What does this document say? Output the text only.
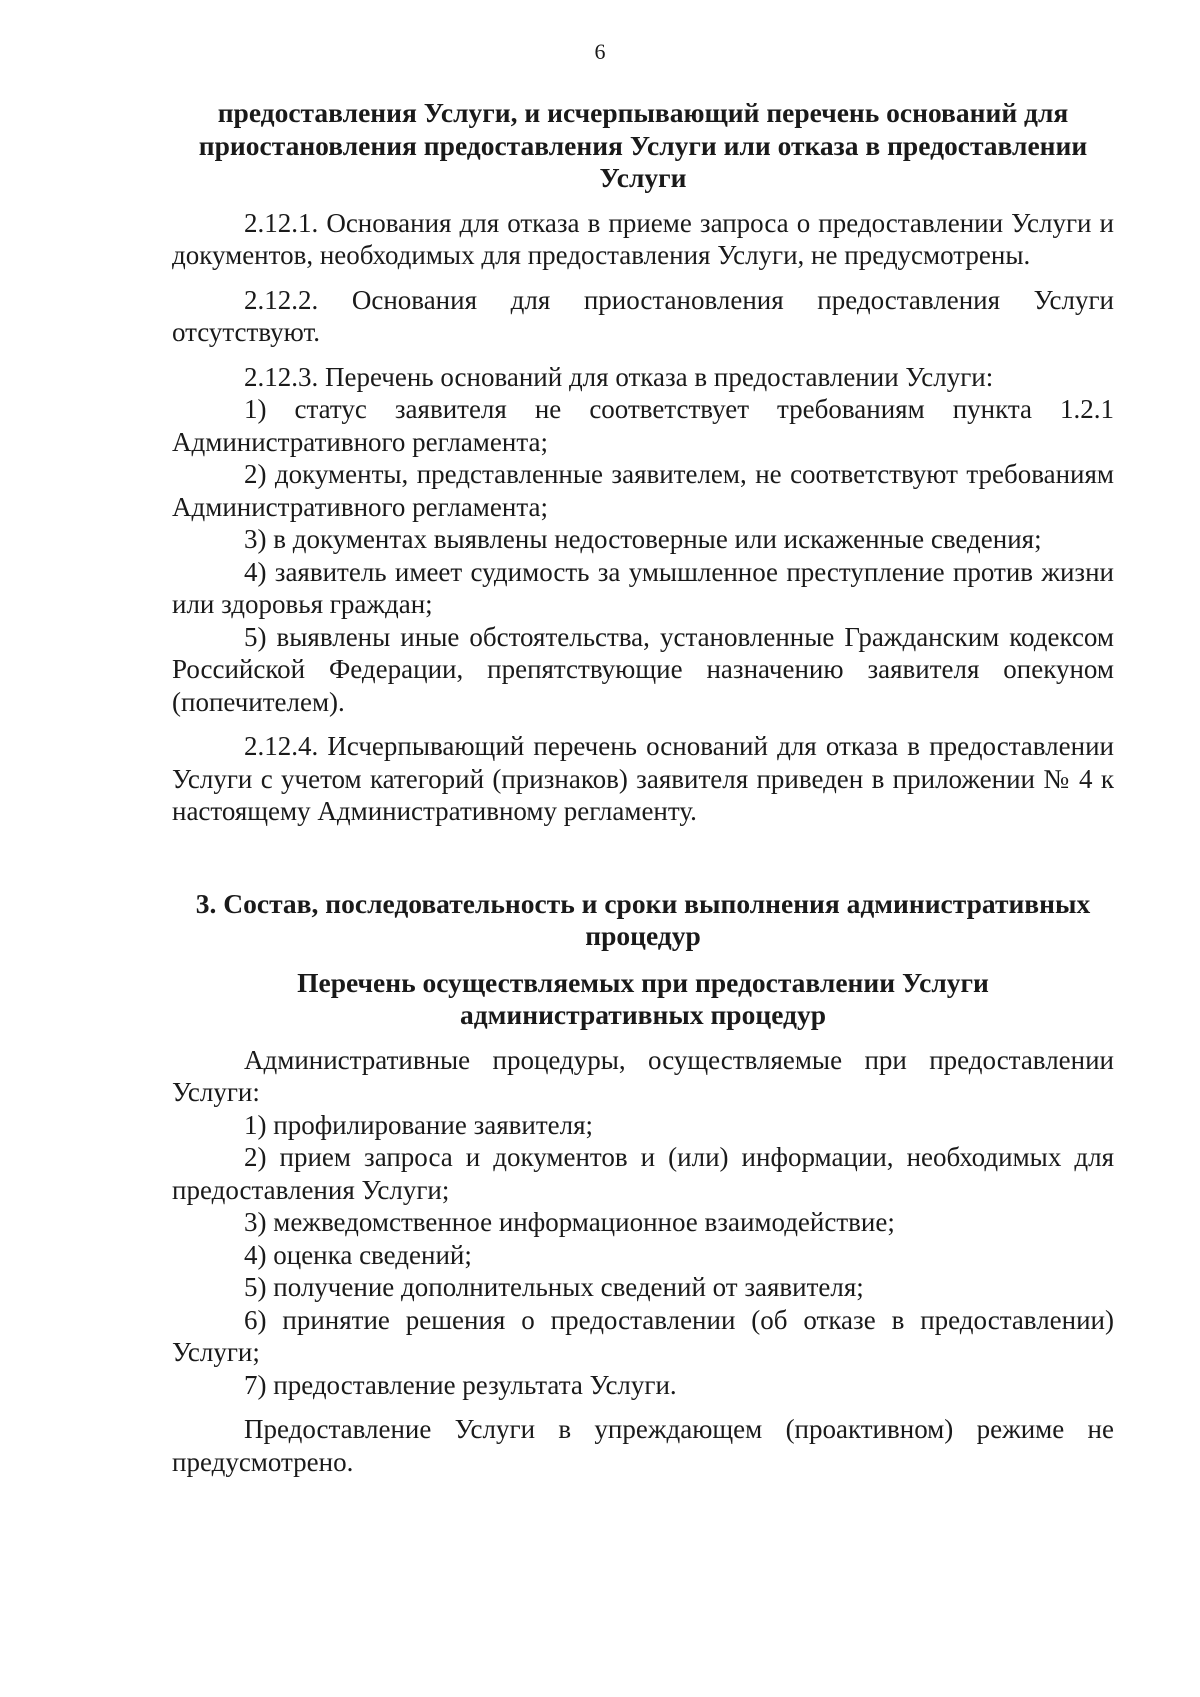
6

предоставления Услуги, и исчерпывающий перечень оснований для приостановления предоставления Услуги или отказа в предоставлении Услуги

2.12.1. Основания для отказа в приеме запроса о предоставлении Услуги и документов, необходимых для предоставления Услуги, не предусмотрены.

2.12.2. Основания для приостановления предоставления Услуги отсутствуют.

2.12.3. Перечень оснований для отказа в предоставлении Услуги:

1) статус заявителя не соответствует требованиям пункта 1.2.1 Административного регламента;

2) документы, представленные заявителем, не соответствуют требованиям Административного регламента;

3) в документах выявлены недостоверные или искаженные сведения;

4) заявитель имеет судимость за умышленное преступление против жизни или здоровья граждан;

5) выявлены иные обстоятельства, установленные Гражданским кодексом Российской Федерации, препятствующие назначению заявителя опекуном (попечителем).

2.12.4. Исчерпывающий перечень оснований для отказа в предоставлении Услуги с учетом категорий (признаков) заявителя приведен в приложении № 4 к настоящему Административному регламенту.

3. Состав, последовательность и сроки выполнения административных процедур

Перечень осуществляемых при предоставлении Услуги административных процедур

Административные процедуры, осуществляемые при предоставлении Услуги:

1) профилирование заявителя;

2) прием запроса и документов и (или) информации, необходимых для предоставления Услуги;

3) межведомственное информационное взаимодействие;

4) оценка сведений;

5) получение дополнительных сведений от заявителя;

6) принятие решения о предоставлении (об отказе в предоставлении) Услуги;

7) предоставление результата Услуги.

Предоставление Услуги в упреждающем (проактивном) режиме не предусмотрено.
